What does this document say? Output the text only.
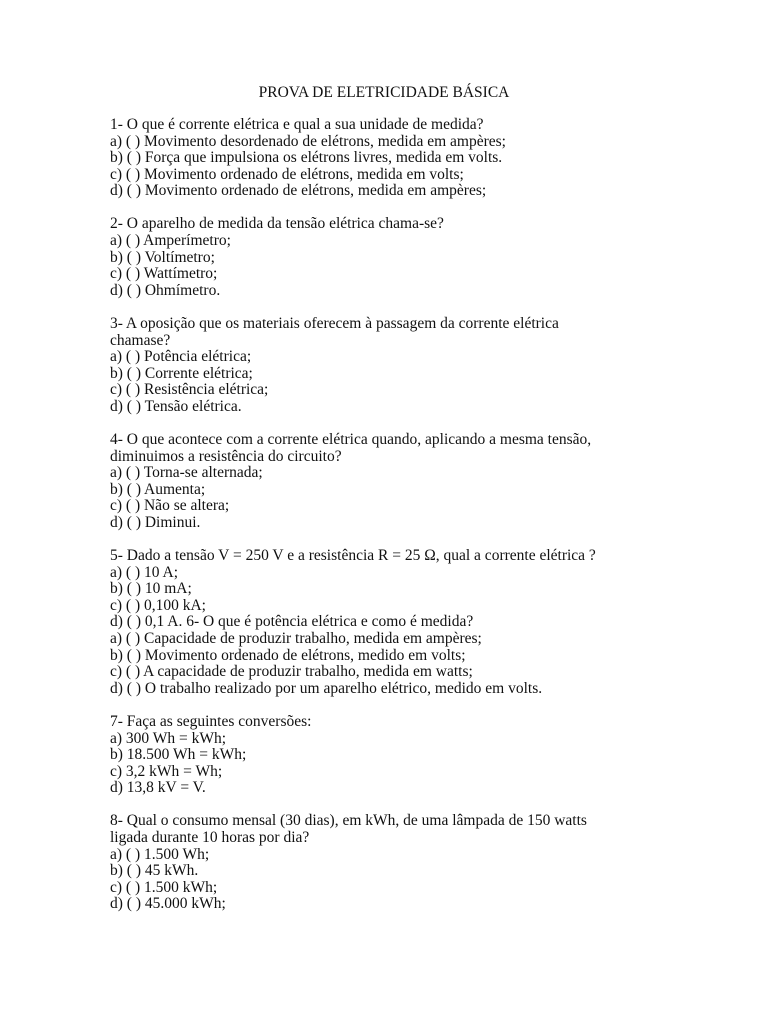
PROVA DE ELETRICIDADE BÁSICA
1- O que é corrente elétrica e qual a sua unidade de medida?
a) ( ) Movimento desordenado de elétrons, medida em ampères;
b) ( ) Força que impulsiona os elétrons livres, medida em volts.
c) ( ) Movimento ordenado de elétrons, medida em volts;
d) ( ) Movimento ordenado de elétrons, medida em ampères;
2- O aparelho de medida da tensão elétrica chama-se?
a) ( ) Amperímetro;
b) ( ) Voltímetro;
c) ( ) Wattímetro;
d) ( ) Ohmímetro.
3- A oposição que os materiais oferecem à passagem da corrente elétrica
chamase?
a) ( ) Potência elétrica;
b) ( ) Corrente elétrica;
c) ( ) Resistência elétrica;
d) ( ) Tensão elétrica.
4- O que acontece com a corrente elétrica quando, aplicando a mesma tensão,
diminuimos a resistência do circuito?
a) ( ) Torna-se alternada;
b) ( ) Aumenta;
c) ( ) Não se altera;
d) ( ) Diminui.
5- Dado a tensão V = 250 V e a resistência R = 25 Ω, qual a corrente elétrica ?
a) ( ) 10 A;
b) ( ) 10 mA;
c) ( ) 0,100 kA;
d) ( ) 0,1 A. 6- O que é potência elétrica e como é medida?
a) ( ) Capacidade de produzir trabalho, medida em ampères;
b) ( ) Movimento ordenado de elétrons, medido em volts;
c) ( ) A capacidade de produzir trabalho, medida em watts;
d) ( ) O trabalho realizado por um aparelho elétrico, medido em volts.
7- Faça as seguintes conversões:
a) 300 Wh = kWh;
b) 18.500 Wh = kWh;
c) 3,2 kWh = Wh;
d) 13,8 kV = V.
8- Qual o consumo mensal (30 dias), em kWh, de uma lâmpada de 150 watts
ligada durante 10 horas por dia?
a) ( ) 1.500 Wh;
b) ( ) 45 kWh.
c) ( ) 1.500 kWh;
d) ( ) 45.000 kWh;
